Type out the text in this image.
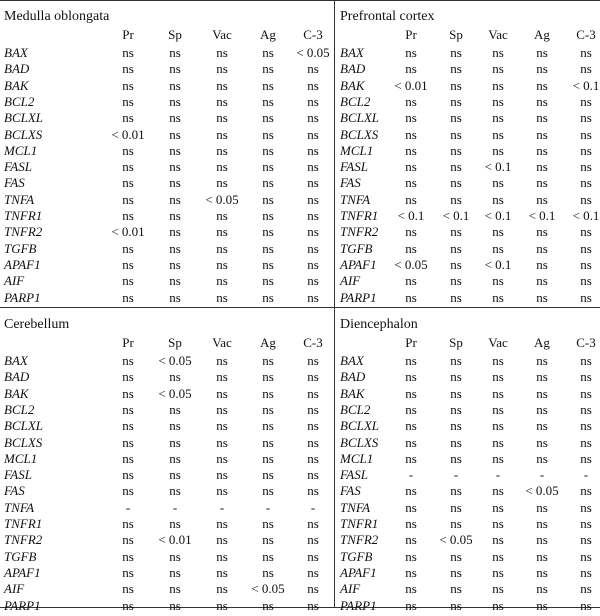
Medulla oblongata
Pr	Sp	Vac	Ag	C-3
BAX	ns	ns	ns	ns	< 0.05
BAD	ns	ns	ns	ns	ns
BAK	ns	ns	ns	ns	ns
BCL2	ns	ns	ns	ns	ns
BCLXL	ns	ns	ns	ns	ns
BCLXS	< 0.01	ns	ns	ns	ns
MCL1	ns	ns	ns	ns	ns
FASL	ns	ns	ns	ns	ns
FAS	ns	ns	ns	ns	ns
TNFA	ns	ns	< 0.05	ns	ns
TNFR1	ns	ns	ns	ns	ns
TNFR2	< 0.01	ns	ns	ns	ns
TGFB	ns	ns	ns	ns	ns
APAF1	ns	ns	ns	ns	ns
AIF	ns	ns	ns	ns	ns
PARP1	ns	ns	ns	ns	ns
Prefrontal cortex
Pr	Sp	Vac	Ag	C-3
BAX	ns	ns	ns	ns	ns
BAD	ns	ns	ns	ns	ns
BAK	< 0.01	ns	ns	ns	< 0.1
BCL2	ns	ns	ns	ns	ns
BCLXL	ns	ns	ns	ns	ns
BCLXS	ns	ns	ns	ns	ns
MCL1	ns	ns	ns	ns	ns
FASL	ns	ns	< 0.1	ns	ns
FAS	ns	ns	ns	ns	ns
TNFA	ns	ns	ns	ns	ns
TNFR1	< 0.1	< 0.1	< 0.1	< 0.1	< 0.1
TNFR2	ns	ns	ns	ns	ns
TGFB	ns	ns	ns	ns	ns
APAF1	< 0.05	ns	< 0.1	ns	ns
AIF	ns	ns	ns	ns	ns
PARP1	ns	ns	ns	ns	ns
Cerebellum
Pr	Sp	Vac	Ag	C-3
BAX	ns	< 0.05	ns	ns	ns
BAD	ns	ns	ns	ns	ns
BAK	ns	< 0.05	ns	ns	ns
BCL2	ns	ns	ns	ns	ns
BCLXL	ns	ns	ns	ns	ns
BCLXS	ns	ns	ns	ns	ns
MCL1	ns	ns	ns	ns	ns
FASL	ns	ns	ns	ns	ns
FAS	ns	ns	ns	ns	ns
TNFA	-	-	-	-	-
TNFR1	ns	ns	ns	ns	ns
TNFR2	ns	< 0.01	ns	ns	ns
TGFB	ns	ns	ns	ns	ns
APAF1	ns	ns	ns	ns	ns
AIF	ns	ns	ns	< 0.05	ns
PARP1	ns	ns	ns	ns	ns
Diencephalon
Pr	Sp	Vac	Ag	C-3
BAX	ns	ns	ns	ns	ns
BAD	ns	ns	ns	ns	ns
BAK	ns	ns	ns	ns	ns
BCL2	ns	ns	ns	ns	ns
BCLXL	ns	ns	ns	ns	ns
BCLXS	ns	ns	ns	ns	ns
MCL1	ns	ns	ns	ns	ns
FASL	-	-	-	-	-
FAS	ns	ns	ns	< 0.05	ns
TNFA	ns	ns	ns	ns	ns
TNFR1	ns	ns	ns	ns	ns
TNFR2	ns	< 0.05	ns	ns	ns
TGFB	ns	ns	ns	ns	ns
APAF1	ns	ns	ns	ns	ns
AIF	ns	ns	ns	ns	ns
PARP1	ns	ns	ns	ns	ns
